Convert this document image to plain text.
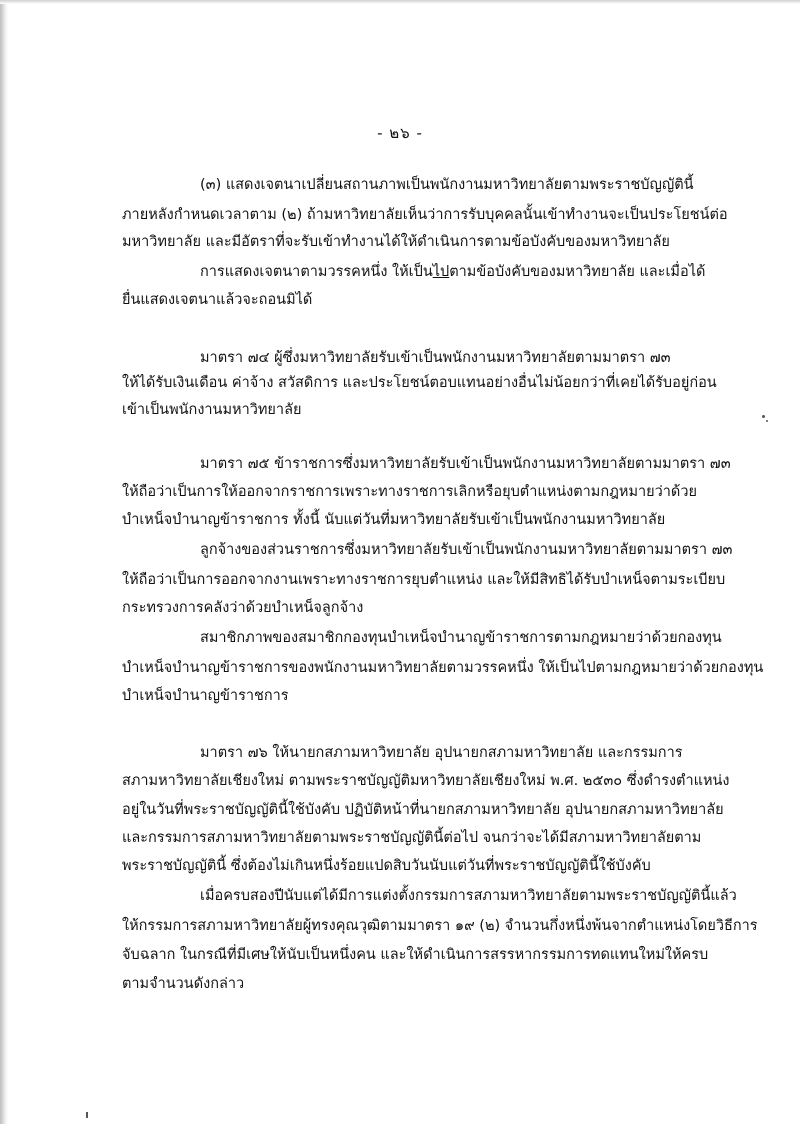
- ๒๖ -
(๓) แสดงเจตนาเปลี่ยนสถานภาพเป็นพนักงานมหาวิทยาลัยตามพระราชบัญญัตินี้
ภายหลังกำหนดเวลาตาม (๒) ถ้ามหาวิทยาลัยเห็นว่าการรับบุคคลนั้นเข้าทำงานจะเป็นประโยชน์ต่อ
มหาวิทยาลัย และมีอัตราที่จะรับเข้าทำงานได้ให้ดำเนินการตามข้อบังคับของมหาวิทยาลัย
การแสดงเจตนาตามวรรคหนึ่ง ให้เป็นไปตามข้อบังคับของมหาวิทยาลัย และเมื่อได้
ยื่นแสดงเจตนาแล้วจะถอนมิได้
มาตรา ๗๔ ผู้ซึ่งมหาวิทยาลัยรับเข้าเป็นพนักงานมหาวิทยาลัยตามมาตรา ๗๓
ให้ได้รับเงินเดือน ค่าจ้าง สวัสดิการ และประโยชน์ตอบแทนอย่างอื่นไม่น้อยกว่าที่เคยได้รับอยู่ก่อน
เข้าเป็นพนักงานมหาวิทยาลัย
มาตรา ๗๕ ข้าราชการซึ่งมหาวิทยาลัยรับเข้าเป็นพนักงานมหาวิทยาลัยตามมาตรา ๗๓
ให้ถือว่าเป็นการให้ออกจากราชการเพราะทางราชการเลิกหรือยุบตำแหน่งตามกฎหมายว่าด้วย
บำเหน็จบำนาญข้าราชการ ทั้งนี้ นับแต่วันที่มหาวิทยาลัยรับเข้าเป็นพนักงานมหาวิทยาลัย
ลูกจ้างของส่วนราชการซึ่งมหาวิทยาลัยรับเข้าเป็นพนักงานมหาวิทยาลัยตามมาตรา ๗๓
ให้ถือว่าเป็นการออกจากงานเพราะทางราชการยุบตำแหน่ง และให้มีสิทธิได้รับบำเหน็จตามระเบียบ
กระทรวงการคลังว่าด้วยบำเหน็จลูกจ้าง
สมาชิกภาพของสมาชิกกองทุนบำเหน็จบำนาญข้าราชการตามกฎหมายว่าด้วยกองทุน
บำเหน็จบำนาญข้าราชการของพนักงานมหาวิทยาลัยตามวรรคหนึ่ง ให้เป็นไปตามกฎหมายว่าด้วยกองทุน
บำเหน็จบำนาญข้าราชการ
มาตรา ๗๖ ให้นายกสภามหาวิทยาลัย อุปนายกสภามหาวิทยาลัย และกรรมการ
สภามหาวิทยาลัยเชียงใหม่ ตามพระราชบัญญัติมหาวิทยาลัยเชียงใหม่ พ.ศ. ๒๕๓๐ ซึ่งดำรงตำแหน่ง
อยู่ในวันที่พระราชบัญญัตินี้ใช้บังคับ ปฏิบัติหน้าที่นายกสภามหาวิทยาลัย อุปนายกสภามหาวิทยาลัย
และกรรมการสภามหาวิทยาลัยตามพระราชบัญญัตินี้ต่อไป จนกว่าจะได้มีสภามหาวิทยาลัยตาม
พระราชบัญญัตินี้ ซึ่งต้องไม่เกินหนึ่งร้อยแปดสิบวันนับแต่วันที่พระราชบัญญัตินี้ใช้บังคับ
เมื่อครบสองปีนับแต่ได้มีการแต่งตั้งกรรมการสภามหาวิทยาลัยตามพระราชบัญญัตินี้แล้ว
ให้กรรมการสภามหาวิทยาลัยผู้ทรงคุณวุฒิตามมาตรา ๑๙ (๒) จำนวนกึ่งหนึ่งพ้นจากตำแหน่งโดยวิธีการ
จับฉลาก ในกรณีที่มีเศษให้นับเป็นหนึ่งคน และให้ดำเนินการสรรหากรรมการทดแทนใหม่ให้ครบ
ตามจำนวนดังกล่าว
